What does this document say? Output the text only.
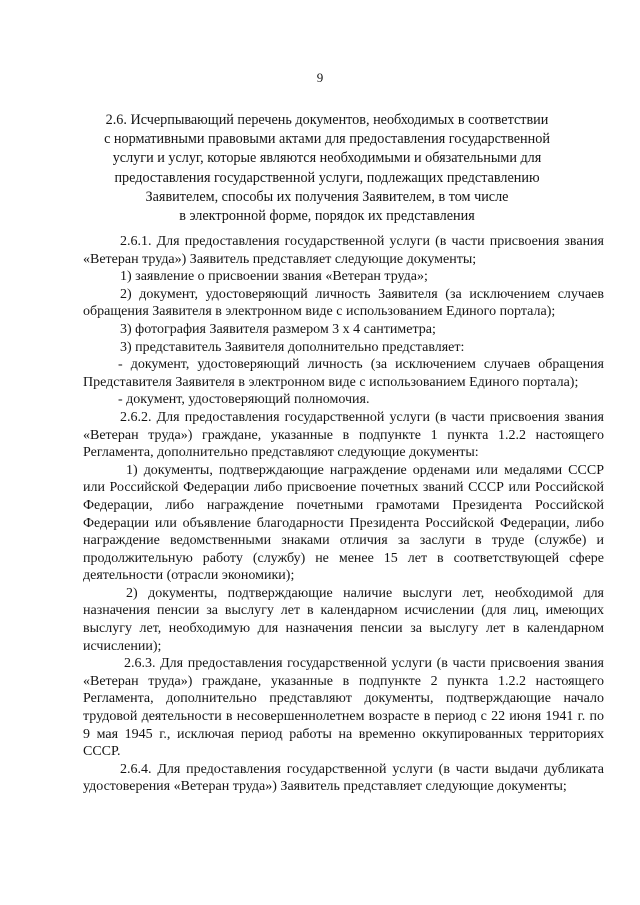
9
2.6. Исчерпывающий перечень документов, необходимых в соответствии
с нормативными правовыми актами для предоставления государственной
услуги и услуг, которые являются необходимыми и обязательными для
предоставления государственной услуги, подлежащих представлению
Заявителем, способы их получения Заявителем, в том числе
в электронной форме, порядок их представления

2.6.1. Для предоставления государственной услуги (в части присвоения звания «Ветеран труда») Заявитель представляет следующие документы;

1) заявление о присвоении звания «Ветеран труда»;

2) документ, удостоверяющий личность Заявителя (за исключением случаев обращения Заявителя в электронном виде с использованием Единого портала);

3) фотография Заявителя размером 3 х 4 сантиметра;

3) представитель Заявителя дополнительно представляет:

- документ, удостоверяющий личность (за исключением случаев обращения Представителя Заявителя в электронном виде с использованием Единого портала);

- документ, удостоверяющий полномочия.

2.6.2. Для предоставления государственной услуги (в части присвоения звания «Ветеран труда») граждане, указанные в подпункте 1 пункта 1.2.2 настоящего Регламента, дополнительно представляют следующие документы:

1) документы, подтверждающие награждение орденами или медалями СССР или Российской Федерации либо присвоение почетных званий СССР или Российской Федерации, либо награждение почетными грамотами Президента Российской Федерации или объявление благодарности Президента Российской Федерации, либо награждение ведомственными знаками отличия за заслуги в труде (службе) и продолжительную работу (службу) не менее 15 лет в соответствующей сфере деятельности (отрасли экономики);

2) документы, подтверждающие наличие выслуги лет, необходимой для назначения пенсии за выслугу лет в календарном исчислении (для лиц, имеющих выслугу лет, необходимую для назначения пенсии за выслугу лет в календарном исчислении);

2.6.3. Для предоставления государственной услуги (в части присвоения звания «Ветеран труда») граждане, указанные в подпункте 2 пункта 1.2.2 настоящего Регламента, дополнительно представляют документы, подтверждающие начало трудовой деятельности в несовершеннолетнем возрасте в период с 22 июня 1941 г. по 9 мая 1945 г., исключая период работы на временно оккупированных территориях СССР.

2.6.4. Для предоставления государственной услуги (в части выдачи дубликата удостоверения «Ветеран труда») Заявитель представляет следующие документы;
